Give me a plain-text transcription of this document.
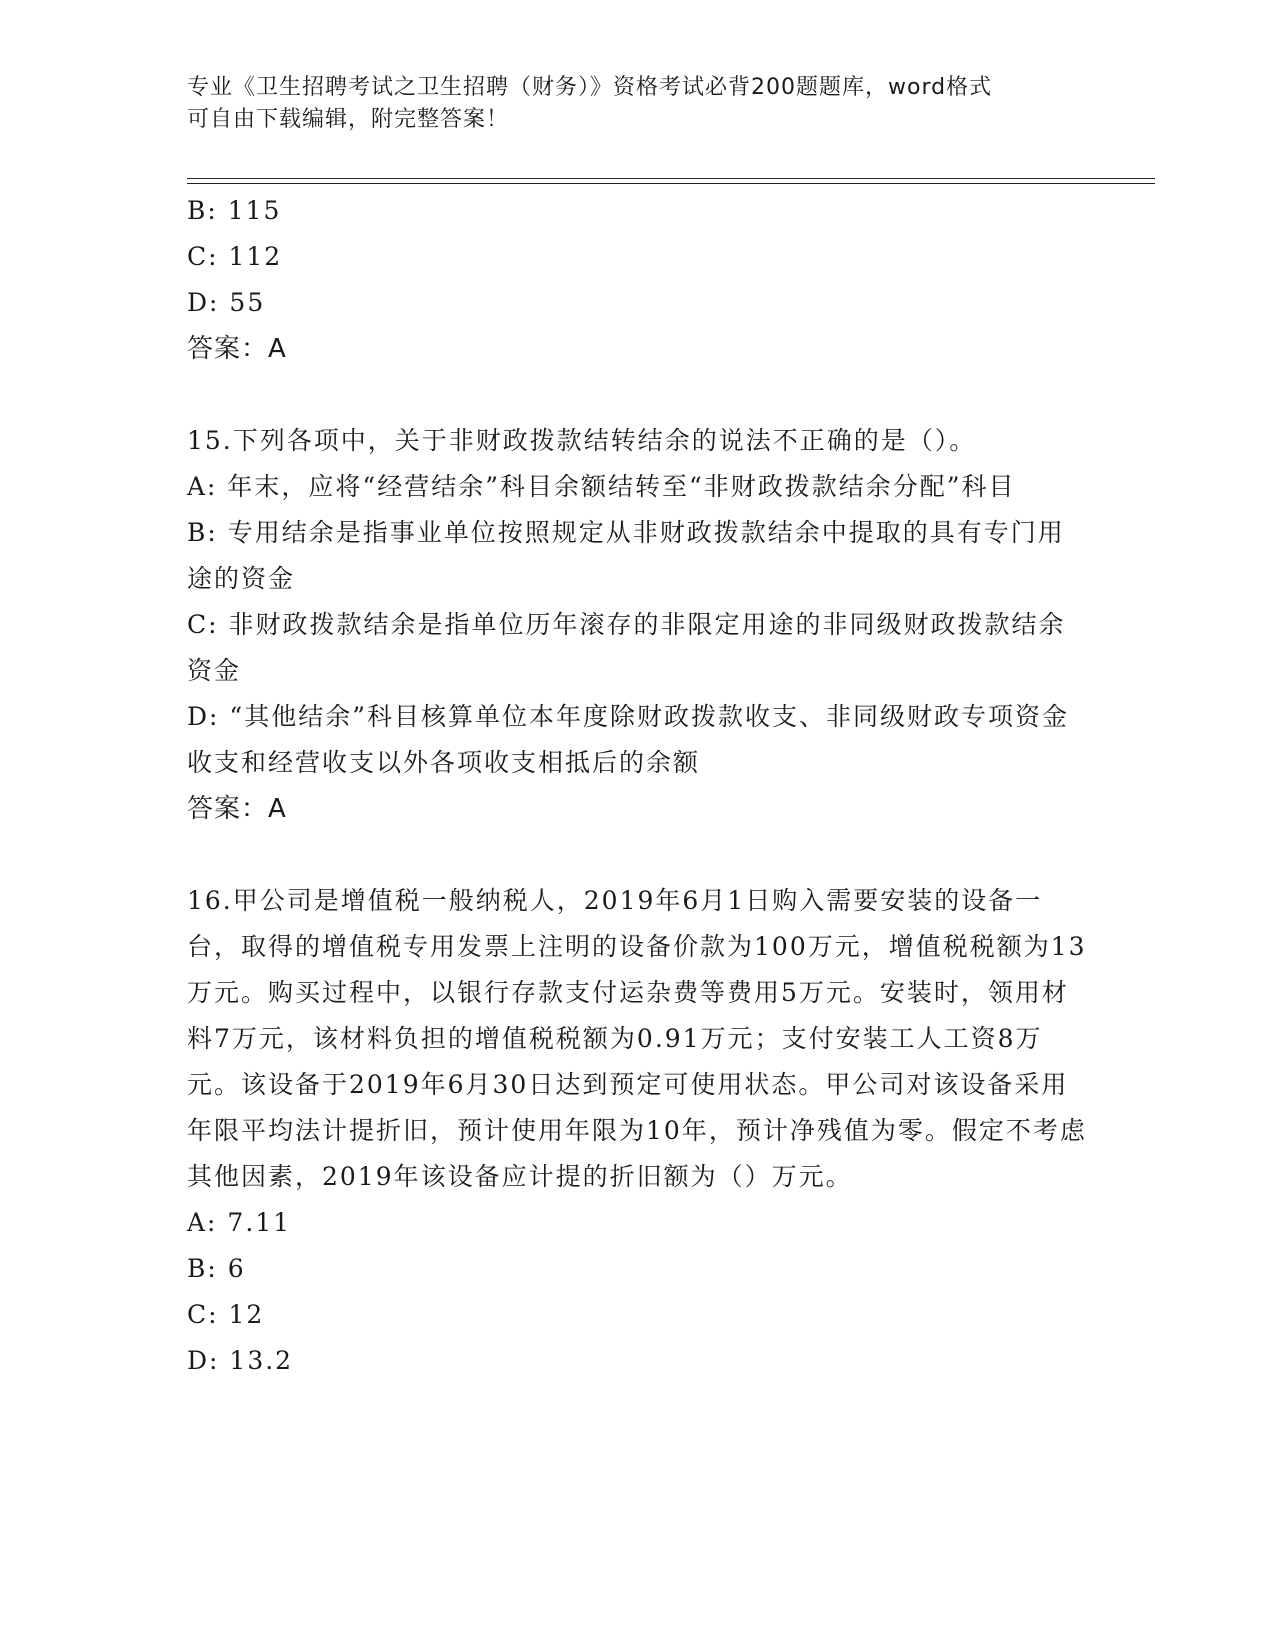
专业《卫生招聘考试之卫生招聘（财务）》资格考试必背200题题库，word格式
可自由下载编辑，附完整答案！

B: 115

C: 112

D: 55

答案：A

15.下列各项中，关于非财政拨款结转结余的说法不正确的是（）。

A: 年末，应将“经营结余”科目余额结转至“非财政拨款结余分配”科目

B: 专用结余是指事业单位按照规定从非财政拨款结余中提取的具有专门用途的资金

C: 非财政拨款结余是指单位历年滚存的非限定用途的非同级财政拨款结余资金

D: “其他结余”科目核算单位本年度除财政拨款收支、非同级财政专项资金收支和经营收支以外各项收支相抵后的余额

答案：A

16.甲公司是增值税一般纳税人，2019年6月1日购入需要安装的设备一台，取得的增值税专用发票上注明的设备价款为100万元，增值税税额为13万元。购买过程中，以银行存款支付运杂费等费用5万元。安装时，领用材料7万元，该材料负担的增值税税额为0.91万元；支付安装工人工资8万元。该设备于2019年6月30日达到预定可使用状态。甲公司对该设备采用年限平均法计提折旧，预计使用年限为10年，预计净残值为零。假定不考虑其他因素，2019年该设备应计提的折旧额为（）万元。

A: 7.11

B: 6

C: 12

D: 13.2
